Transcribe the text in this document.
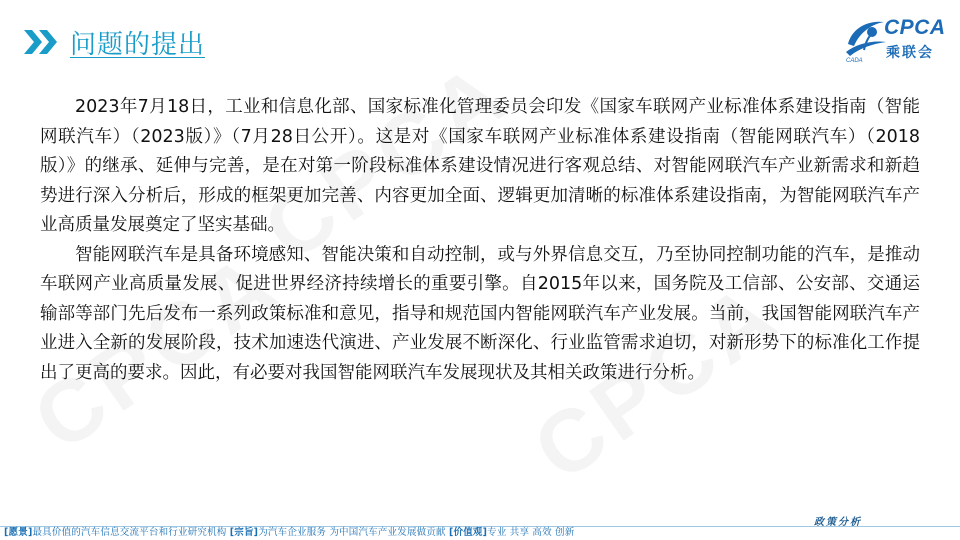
问题的提出
CPCA
乘联会
CADA

2023年7月18日，工业和信息化部、国家标准化管理委员会印发《国家车联网产业标准体系建设指南（智能网联汽车）（2023版）》（7月28日公开）。这是对《国家车联网产业标准体系建设指南（智能网联汽车）（2018版）》的继承、延伸与完善，是在对第一阶段标准体系建设情况进行客观总结、对智能网联汽车产业新需求和新趋势进行深入分析后，形成的框架更加完善、内容更加全面、逻辑更加清晰的标准体系建设指南，为智能网联汽车产业高质量发展奠定了坚实基础。

智能网联汽车是具备环境感知、智能决策和自动控制，或与外界信息交互，乃至协同控制功能的汽车，是推动车联网产业高质量发展、促进世界经济持续增长的重要引擎。自2015年以来，国务院及工信部、公安部、交通运输部等部门先后发布一系列政策标准和意见，指导和规范国内智能网联汽车产业发展。当前，我国智能网联汽车产业进入全新的发展阶段，技术加速迭代演进、产业发展不断深化、行业监管需求迫切，对新形势下的标准化工作提出了更高的要求。因此，有必要对我国智能网联汽车发展现状及其相关政策进行分析。

政策分析
[愿景]最具价值的汽车信息交流平台和行业研究机构 [宗旨]为汽车企业服务 为中国汽车产业发展做贡献 [价值观]专业 共享 高效 创新
